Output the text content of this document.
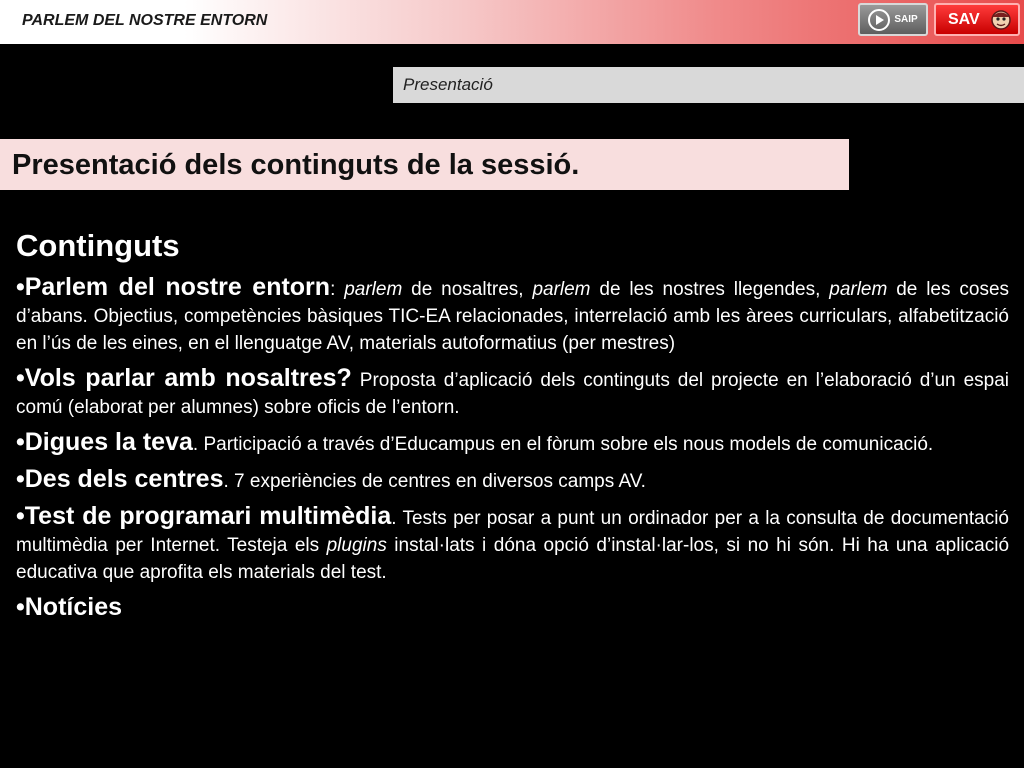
PARLEM DEL NOSTRE ENTORN	SAIP SAV
Presentació
Presentació dels continguts de la sessió.
Continguts

•Parlem del nostre entorn: parlem de nosaltres, parlem de les nostres llegendes, parlem de les coses d’abans. Objectius, competències bàsiques TIC-EA relacionades, interrelació amb les àrees curriculars, alfabetització en l’ús de les eines, en el llenguatge AV, materials autoformatius (per mestres)

•Vols parlar amb nosaltres? Proposta d’aplicació dels continguts del projecte en l’elaboració d’un espai comú (elaborat per alumnes) sobre oficis de l’entorn.

•Digues la teva. Participació a través d’Educampus en el fòrum sobre els nous models de comunicació.

•Des dels centres. 7 experiències de centres en diversos camps AV.

•Test de programari multimèdia. Tests per posar a punt un ordinador per a la consulta de documentació multimèdia per Internet. Testeja els plugins instal·lats i dóna opció d’instal·lar-los, si no hi són. Hi ha una aplicació educativa que aprofita els materials del test.

•Notícies
